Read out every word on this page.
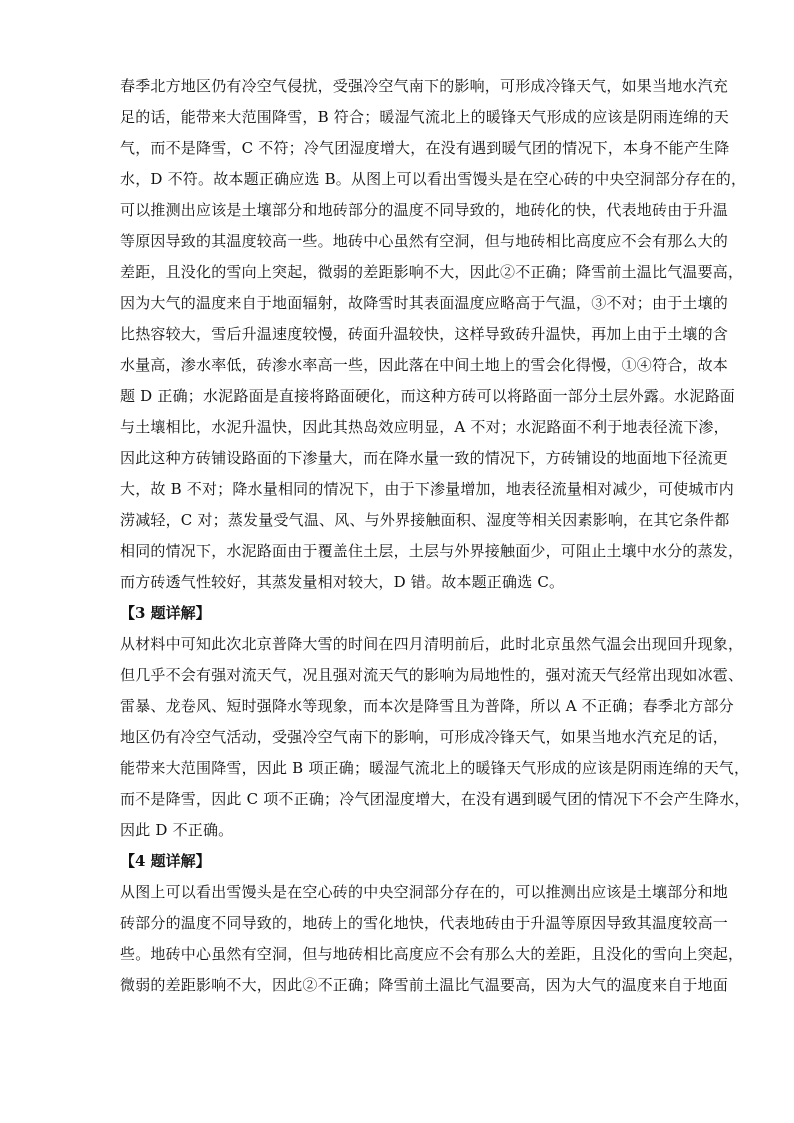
春季北方地区仍有冷空气侵扰，受强冷空气南下的影响，可形成冷锋天气，如果当地水汽充
足的话，能带来大范围降雪，B 符合；暖湿气流北上的暖锋天气形成的应该是阴雨连绵的天
气，而不是降雪，C 不符；冷气团湿度增大，在没有遇到暖气团的情况下，本身不能产生降
水，D 不符。故本题正确应选 B。从图上可以看出雪馒头是在空心砖的中央空洞部分存在的，
可以推测出应该是土壤部分和地砖部分的温度不同导致的，地砖化的快，代表地砖由于升温
等原因导致的其温度较高一些。地砖中心虽然有空洞，但与地砖相比高度应不会有那么大的
差距，且没化的雪向上突起，微弱的差距影响不大，因此②不正确；降雪前土温比气温要高，
因为大气的温度来自于地面辐射，故降雪时其表面温度应略高于气温，③不对；由于土壤的
比热容较大，雪后升温速度较慢，砖面升温较快，这样导致砖升温快，再加上由于土壤的含
水量高，渗水率低，砖渗水率高一些，因此落在中间土地上的雪会化得慢，①④符合，故本
题 D 正确；水泥路面是直接将路面硬化，而这种方砖可以将路面一部分土层外露。水泥路面
与土壤相比，水泥升温快，因此其热岛效应明显，A 不对；水泥路面不利于地表径流下渗，
因此这种方砖铺设路面的下渗量大，而在降水量一致的情况下，方砖铺设的地面地下径流更
大，故 B 不对；降水量相同的情况下，由于下渗量增加，地表径流量相对减少，可使城市内
涝减轻，C 对；蒸发量受气温、风、与外界接触面积、湿度等相关因素影响，在其它条件都
相同的情况下，水泥路面由于覆盖住土层，土层与外界接触面少，可阻止土壤中水分的蒸发，
而方砖透气性较好，其蒸发量相对较大，D 错。故本题正确选 C。
【3 题详解】
从材料中可知此次北京普降大雪的时间在四月清明前后，此时北京虽然气温会出现回升现象，
但几乎不会有强对流天气，况且强对流天气的影响为局地性的，强对流天气经常出现如冰雹、
雷暴、龙卷风、短时强降水等现象，而本次是降雪且为普降，所以 A 不正确；春季北方部分
地区仍有冷空气活动，受强冷空气南下的影响，可形成冷锋天气，如果当地水汽充足的话，
能带来大范围降雪，因此 B 项正确；暖湿气流北上的暖锋天气形成的应该是阴雨连绵的天气，
而不是降雪，因此 C 项不正确；冷气团湿度增大，在没有遇到暖气团的情况下不会产生降水，
因此 D 不正确。
【4 题详解】
从图上可以看出雪馒头是在空心砖的中央空洞部分存在的，可以推测出应该是土壤部分和地
砖部分的温度不同导致的，地砖上的雪化地快，代表地砖由于升温等原因导致其温度较高一
些。地砖中心虽然有空洞，但与地砖相比高度应不会有那么大的差距，且没化的雪向上突起，
微弱的差距影响不大，因此②不正确；降雪前土温比气温要高，因为大气的温度来自于地面
